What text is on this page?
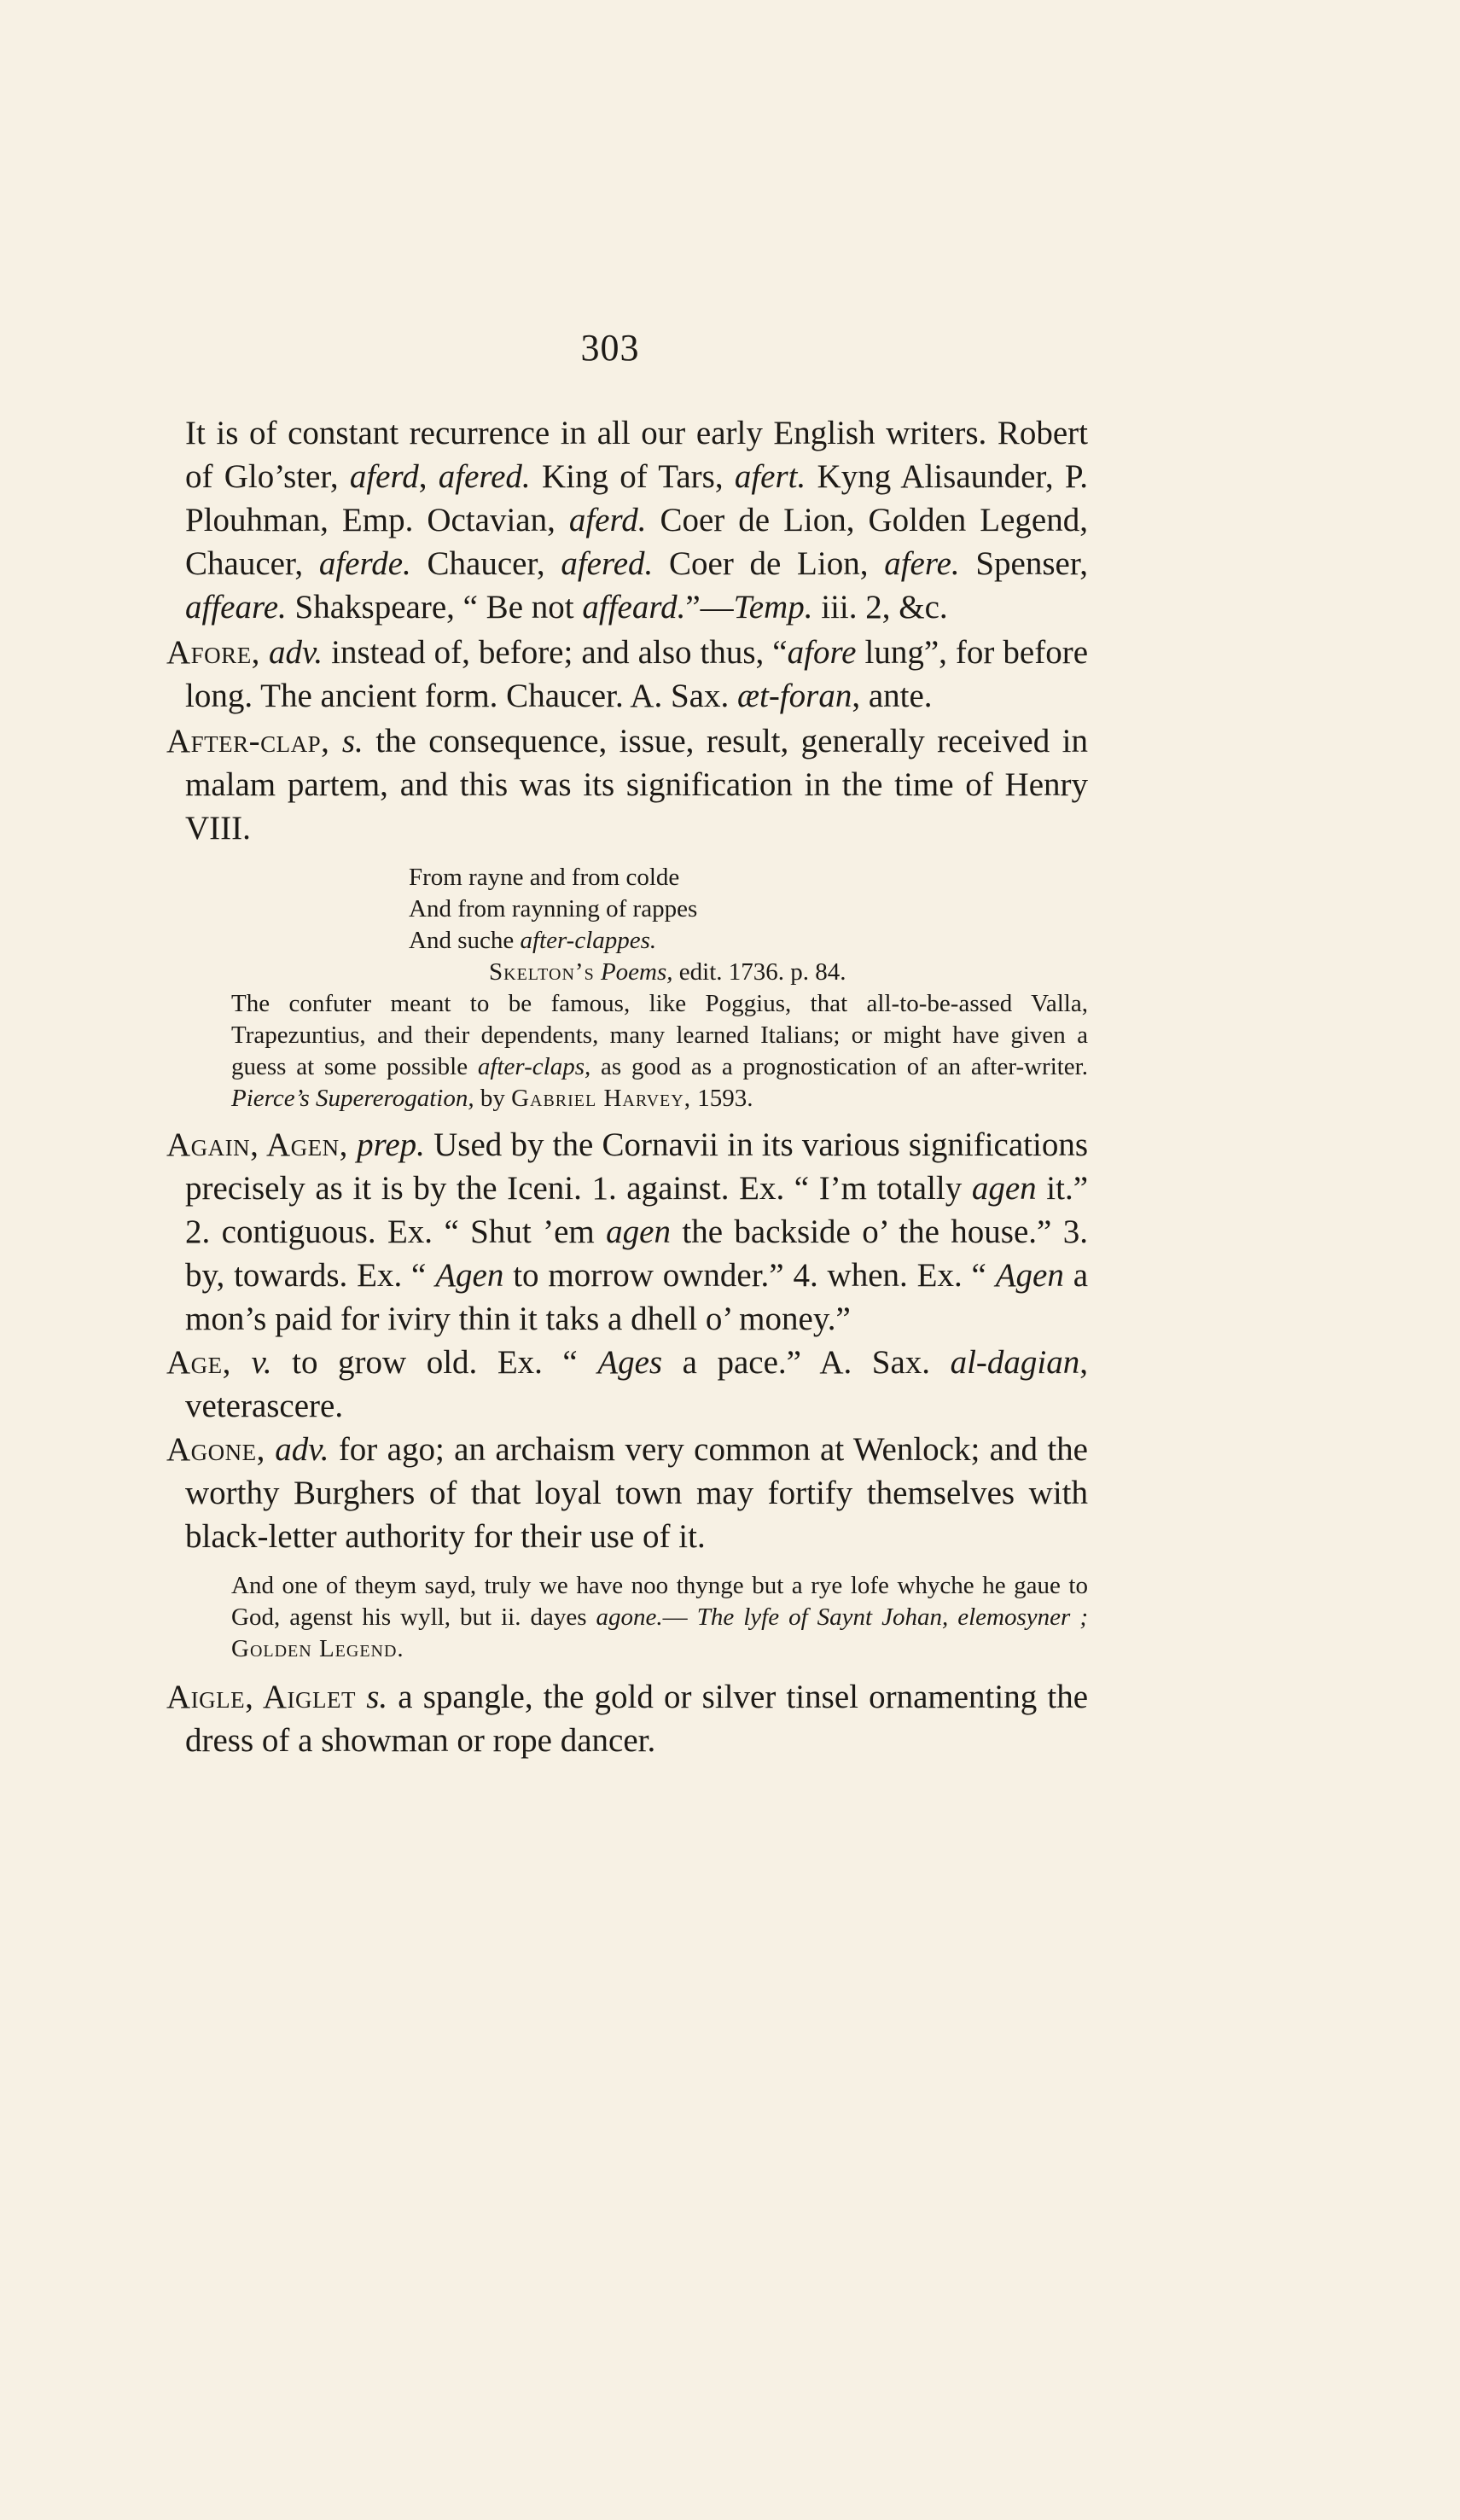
303

It is of constant recurrence in all our early English writers. Robert of Glo’ster, aferd, afered. King of Tars, afert. Kyng Alisaunder, P. Plouhman, Emp. Octavian, aferd. Coer de Lion, Golden Legend, Chaucer, aferde. Chaucer, afered. Coer de Lion, afere. Spenser, affeare. Shakspeare, “ Be not affeard.”—Temp. iii. 2, &c.

Afore, adv. instead of, before; and also thus, “afore lung”, for before long. The ancient form. Chaucer. A. Sax. æt-foran, ante.

After-clap, s. the consequence, issue, result, generally received in malam partem, and this was its signification in the time of Henry VIII.

From rayne and from colde
And from raynning of rappes
And suche after-clappes.
Skelton’s Poems, edit. 1736. p. 84.

The confuter meant to be famous, like Poggius, that all-to-be-assed Valla, Trapezuntius, and their dependents, many learned Italians; or might have given a guess at some possible after-claps, as good as a prognostication of an after-writer. Pierce’s Supererogation, by Gabriel Harvey, 1593.

Again, Agen, prep. Used by the Cornavii in its various significations precisely as it is by the Iceni. 1. against. Ex. “ I’m totally agen it.” 2. contiguous. Ex. “ Shut ’em agen the backside o’ the house.” 3. by, towards. Ex. “ Agen to morrow ownder.” 4. when. Ex. “ Agen a mon’s paid for iviry thin it taks a dhell o’ money.”

Age, v. to grow old. Ex. “ Ages a pace.” A. Sax. al-dagian, veterascere.

Agone, adv. for ago; an archaism very common at Wenlock; and the worthy Burghers of that loyal town may fortify themselves with black-letter authority for their use of it.

And one of theym sayd, truly we have noo thynge but a rye lofe whyche he gaue to God, agenst his wyll, but ii. dayes agone.— The lyfe of Saynt Johan, elemosyner ; Golden Legend.

Aigle, Aiglet s. a spangle, the gold or silver tinsel ornamenting the dress of a showman or rope dancer.
